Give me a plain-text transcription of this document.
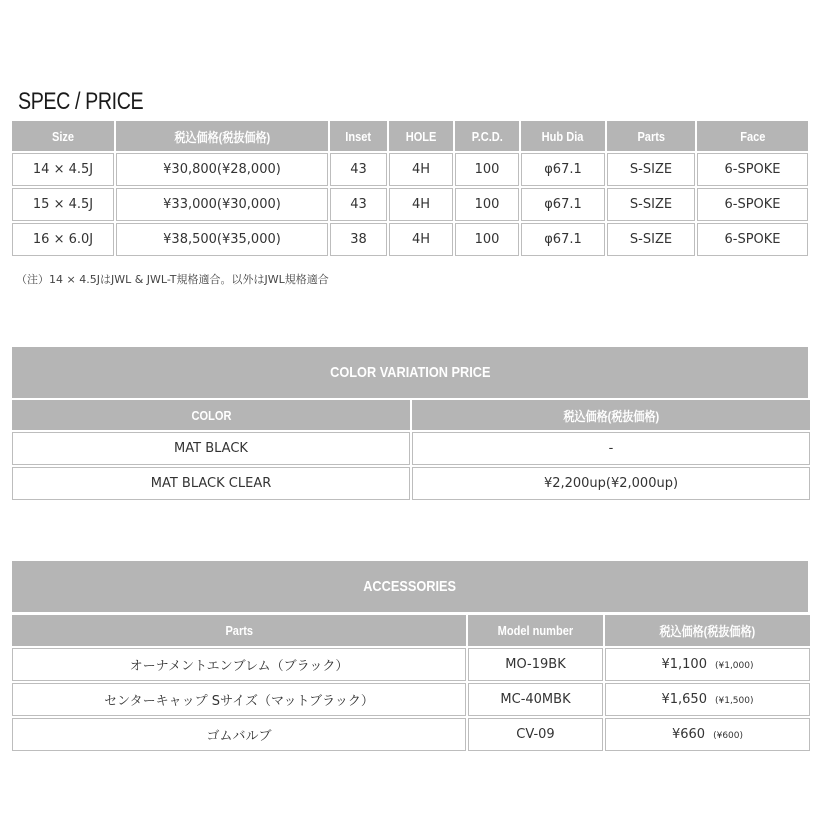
SPEC / PRICE
Size	税込価格(税抜価格)	Inset	HOLE	P.C.D.	Hub Dia	Parts	Face
14 × 4.5J	¥30,800(¥28,000)	43	4H	100	φ67.1	S-SIZE	6-SPOKE
15 × 4.5J	¥33,000(¥30,000)	43	4H	100	φ67.1	S-SIZE	6-SPOKE
16 × 6.0J	¥38,500(¥35,000)	38	4H	100	φ67.1	S-SIZE	6-SPOKE
（注）14 × 4.5JはJWL & JWL-T規格適合。以外はJWL規格適合
COLOR VARIATION PRICE
COLOR	税込価格(税抜価格)
MAT BLACK	-
MAT BLACK CLEAR	¥2,200up(¥2,000up)
ACCESSORIES
Parts	Model number	税込価格(税抜価格)
オーナメントエンブレム（ブラック）	MO-19BK	¥1,100 (¥1,000)
センターキャップ Sサイズ（マットブラック）	MC-40MBK	¥1,650 (¥1,500)
ゴムバルブ	CV-09	¥660 (¥600)
